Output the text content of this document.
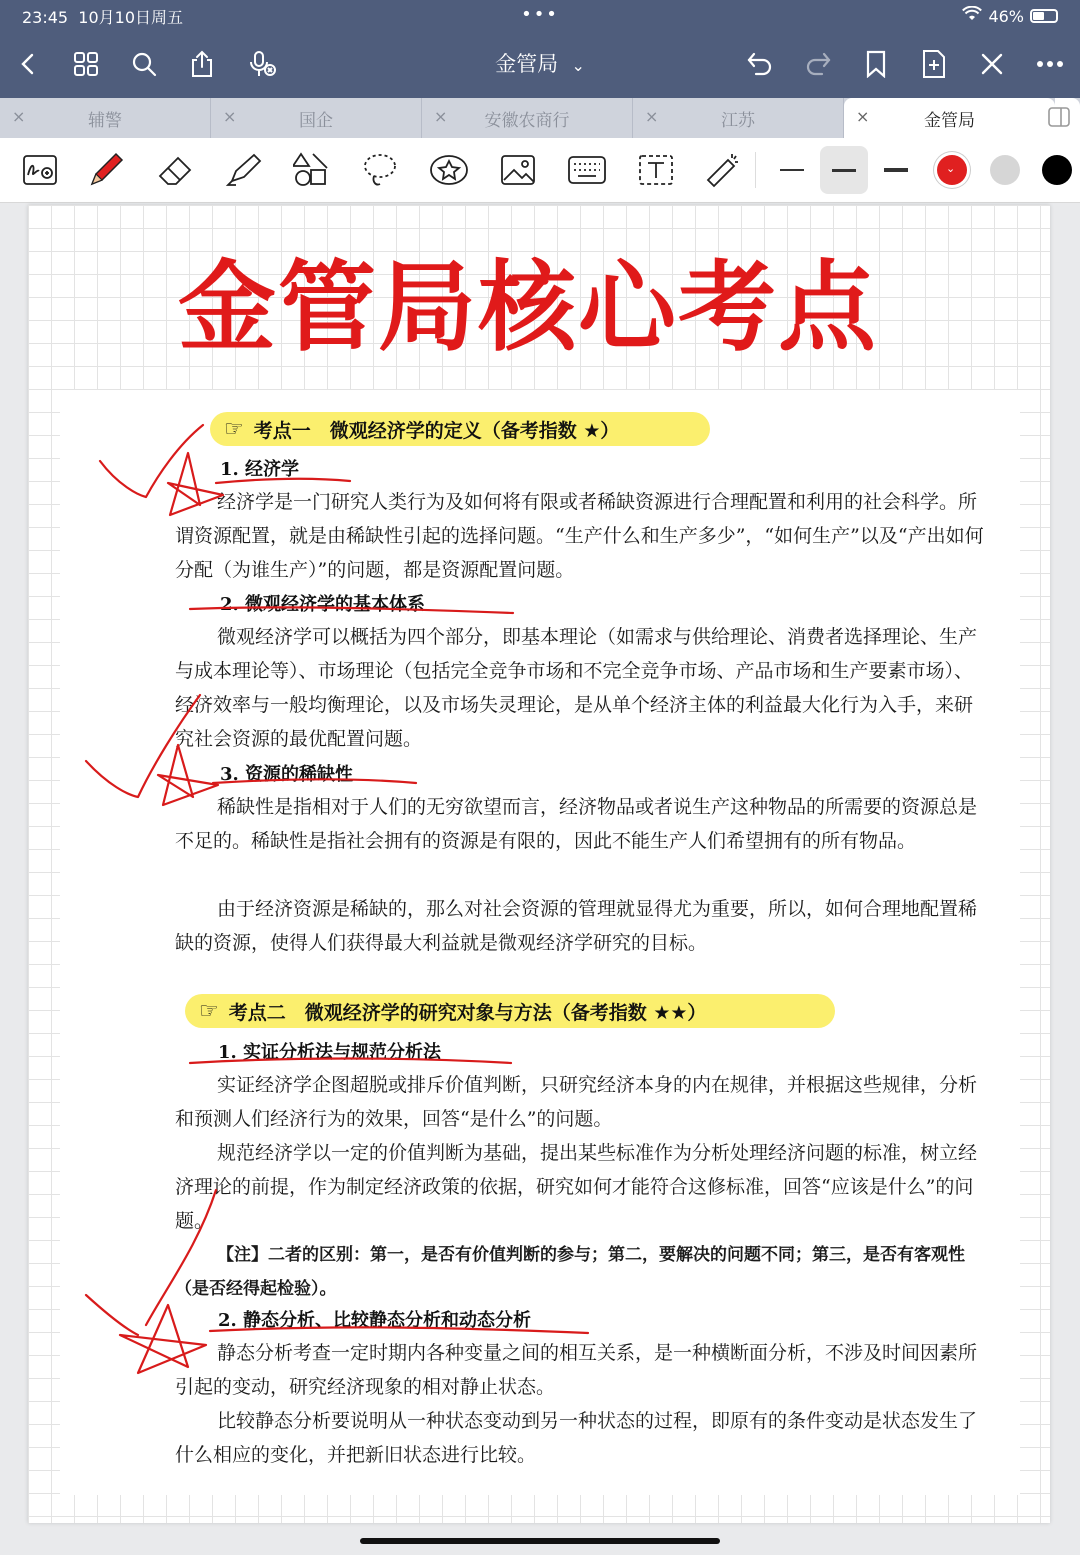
23:45 10月10日周五	•••	46%
金管局 ⌄
×	辅警	×	国企	× 安徽农商行	×	江苏	×	金管局
⌄
金管局核心考点
☞ 考点一　微观经济学的定义（备考指数 ★）
1. 经济学
经济学是一门研究人类行为及如何将有限或者稀缺资源进行合理配置和利用的社会科学。所谓资源配置，就是由稀缺性引起的选择问题。“生产什么和生产多少”，“如何生产”以及“产出如何分配（为谁生产）”的问题，都是资源配置问题。
2. 微观经济学的基本体系
微观经济学可以概括为四个部分，即基本理论（如需求与供给理论、消费者选择理论、生产与成本理论等）、市场理论（包括完全竞争市场和不完全竞争市场、产品市场和生产要素市场）、经济效率与一般均衡理论，以及市场失灵理论，是从单个经济主体的利益最大化行为入手，来研究社会资源的最优配置问题。
3. 资源的稀缺性
稀缺性是指相对于人们的无穷欲望而言，经济物品或者说生产这种物品的所需要的资源总是不足的。稀缺性是指社会拥有的资源是有限的，因此不能生产人们希望拥有的所有物品。
由于经济资源是稀缺的，那么对社会资源的管理就显得尤为重要，所以，如何合理地配置稀缺的资源，使得人们获得最大利益就是微观经济学研究的目标。
☞ 考点二　微观经济学的研究对象与方法（备考指数 ★★）
1. 实证分析法与规范分析法
实证经济学企图超脱或排斥价值判断，只研究经济本身的内在规律，并根据这些规律，分析和预测人们经济行为的效果，回答“是什么”的问题。
规范经济学以一定的价值判断为基础，提出某些标准作为分析处理经济问题的标准，树立经济理论的前提，作为制定经济政策的依据，研究如何才能符合这修标准，回答“应该是什么”的问题。
【注】二者的区别：第一，是否有价值判断的参与；第二，要解决的问题不同；第三，是否有客观性（是否经得起检验）。
2. 静态分析、比较静态分析和动态分析
静态分析考查一定时期内各种变量之间的相互关系，是一种横断面分析，不涉及时间因素所引起的变动，研究经济现象的相对静止状态。
比较静态分析要说明从一种状态变动到另一种状态的过程，即原有的条件变动是状态发生了什么相应的变化，并把新旧状态进行比较。
